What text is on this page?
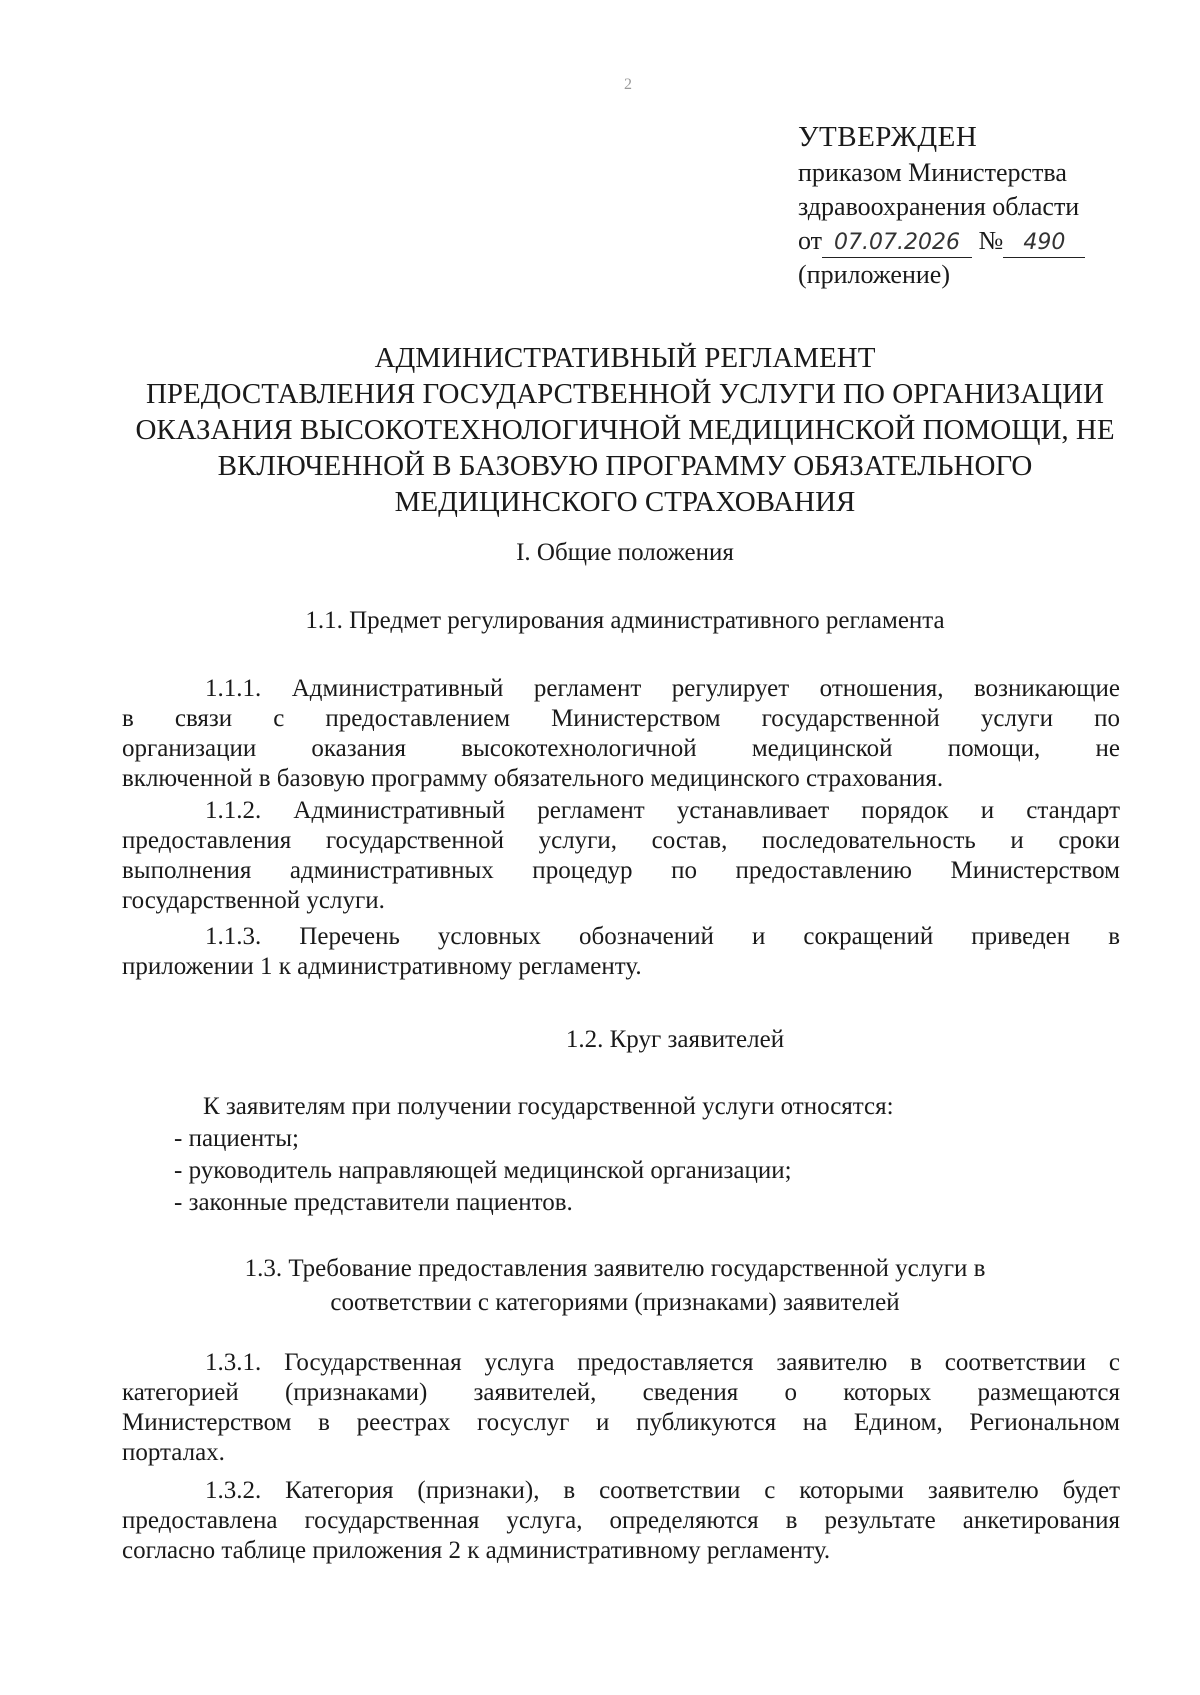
2
УТВЕРЖДЕН
приказом Министерства
здравоохранения области
от 07.07.2026 № 490
(приложение)
АДМИНИСТРАТИВНЫЙ РЕГЛАМЕНТ
ПРЕДОСТАВЛЕНИЯ ГОСУДАРСТВЕННОЙ УСЛУГИ ПО ОРГАНИЗАЦИИ
ОКАЗАНИЯ ВЫСОКОТЕХНОЛОГИЧНОЙ МЕДИЦИНСКОЙ ПОМОЩИ, НЕ
ВКЛЮЧЕННОЙ В БАЗОВУЮ ПРОГРАММУ ОБЯЗАТЕЛЬНОГО
МЕДИЦИНСКОГО СТРАХОВАНИЯ
I. Общие положения
1.1. Предмет регулирования административного регламента
1.1.1. Административный регламент регулирует отношения, возникающие
в связи с предоставлением Министерством государственной услуги по
организации оказания высокотехнологичной медицинской помощи, не
включенной в базовую программу обязательного медицинского страхования.
1.1.2. Административный регламент устанавливает порядок и стандарт
предоставления государственной услуги, состав, последовательность и сроки
выполнения административных процедур по предоставлению Министерством
государственной услуги.
1.1.3. Перечень условных обозначений и сокращений приведен в
приложении 1 к административному регламенту.
1.2. Круг заявителей
К заявителям при получении государственной услуги относятся:
- пациенты;
- руководитель направляющей медицинской организации;
- законные представители пациентов.
1.3. Требование предоставления заявителю государственной услуги в
соответствии с категориями (признаками) заявителей
1.3.1. Государственная услуга предоставляется заявителю в соответствии с
категорией (признаками) заявителей, сведения о которых размещаются
Министерством в реестрах госуслуг и публикуются на Едином, Региональном
порталах.
1.3.2. Категория (признаки), в соответствии с которыми заявителю будет
предоставлена государственная услуга, определяются в результате анкетирования
согласно таблице приложения 2 к административному регламенту.
